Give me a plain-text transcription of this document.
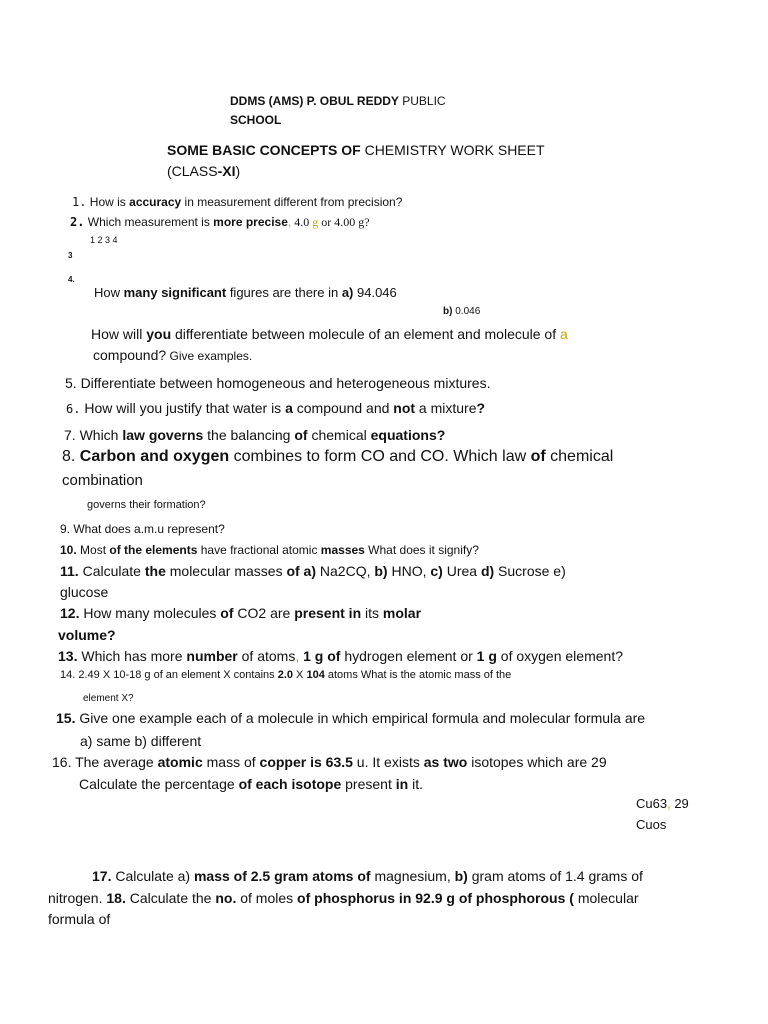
DDMS (AMS) P. OBUL REDDY PUBLIC
SCHOOL
SOME BASIC CONCEPTS OF CHEMISTRY WORK SHEET
(CLASS-XI)
1. How is accuracy in measurement different from precision?
2. Which measurement is more precise, 4.0 g or 4.00 g?
1 2 3 4
3
4.
How many significant figures are there in a) 94.046
b) 0.046
How will you differentiate between molecule of an element and molecule of a
compound? Give examples.
5. Differentiate between homogeneous and heterogeneous mixtures.
6. How will you justify that water is a compound and not a mixture?
7. Which law governs the balancing of chemical equations?
8. Carbon and oxygen combines to form CO and CO. Which law of chemical
combination
governs their formation?
9. What does a.m.u represent?
10. Most of the elements have fractional atomic masses What does it signify?
11. Calculate the molecular masses of a) Na2CQ, b) HNO, c) Urea d) Sucrose e)
glucose
12. How many molecules of CO2 are present in its molar
volume?
13. Which has more number of atoms, 1 g of hydrogen element or 1 g of oxygen element?
14. 2.49 X 10-18 g of an element X contains 2.0 X 104 atoms What is the atomic mass of the
element X?
15. Give one example each of a molecule in which empirical formula and molecular formula are
a) same b) different
16. The average atomic mass of copper is 63.5 u. It exists as two isotopes which are 29
Calculate the percentage of each isotope present in it.
Cu63, 29
Cuos
17. Calculate a) mass of 2.5 gram atoms of magnesium, b) gram atoms of 1.4 grams of
nitrogen. 18. Calculate the no. of moles of phosphorus in 92.9 g of phosphorous ( molecular
formula of
